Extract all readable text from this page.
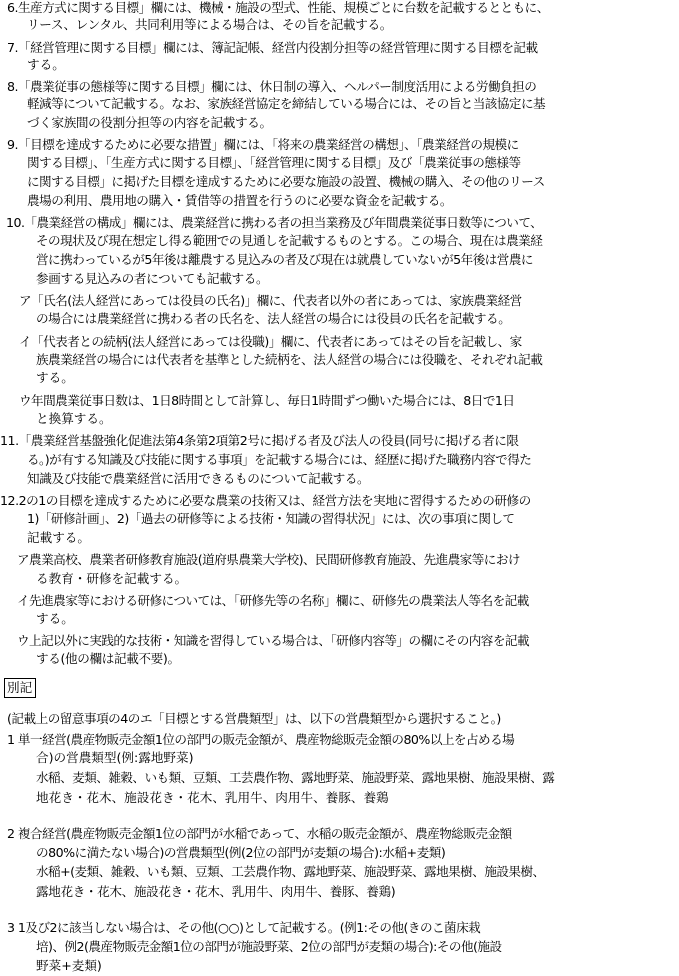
6.生産方式に関する目標」欄には、機械・施設の型式、性能、規模ごとに台数を記載するとともに、
リース、レンタル、共同利用等による場合は、その旨を記載する。
7.「経営管理に関する目標」欄には、簿記記帳、経営内役割分担等の経営管理に関する目標を記載
する。
8.「農業従事の態様等に関する目標」欄には、休日制の導入、ヘルパー制度活用による労働負担の
軽減等について記載する。なお、家族経営協定を締結している場合には、その旨と当該協定に基
づく家族間の役割分担等の内容を記載する。
9.「目標を達成するために必要な措置」欄には、「将来の農業経営の構想」、「農業経営の規模に
関する目標」、「生産方式に関する目標」、「経営管理に関する目標」及び「農業従事の態様等
に関する目標」に掲げた目標を達成するために必要な施設の設置、機械の購入、その他のリース
農場の利用、農用地の購入・賃借等の措置を行うのに必要な資金を記載する。
10.「農業経営の構成」欄には、農業経営に携わる者の担当業務及び年間農業従事日数等について、
その現状及び現在想定し得る範囲での見通しを記載するものとする。この場合、現在は農業経
営に携わっているが5年後は離農する見込みの者及び現在は就農していないが5年後は営農に
参画する見込みの者についても記載する。
ア「氏名(法人経営にあっては役員の氏名)」欄に、代表者以外の者にあっては、家族農業経営
の場合には農業経営に携わる者の氏名を、法人経営の場合には役員の氏名を記載する。
イ「代表者との続柄(法人経営にあっては役職)」欄に、代表者にあってはその旨を記載し、家
族農業経営の場合には代表者を基準とした続柄を、法人経営の場合には役職を、それぞれ記載
する。
ウ年間農業従事日数は、1日8時間として計算し、毎日1時間ずつ働いた場合には、8日で1日
と換算する。
11.「農業経営基盤強化促進法第4条第2項第2号に掲げる者及び法人の役員(同号に掲げる者に限
る。)が有する知識及び技能に関する事項」を記載する場合には、経歴に掲げた職務内容で得た
知識及び技能で農業経営に活用できるものについて記載する。
12.2の1の目標を達成するために必要な農業の技術又は、経営方法を実地に習得するための研修の
1)「研修計画」、2)「過去の研修等による技術・知識の習得状況」には、次の事項に関して
記載する。
ア農業高校、農業者研修教育施設(道府県農業大学校)、民間研修教育施設、先進農家等におけ
る教育・研修を記載する。
イ先進農家等における研修については、「研修先等の名称」欄に、研修先の農業法人等名を記載
する。
ウ上記以外に実践的な技術・知識を習得している場合は、「研修内容等」の欄にその内容を記載
する(他の欄は記載不要)。
別記
(記載上の留意事項の4のエ「目標とする営農類型」は、以下の営農類型から選択すること。)
1 単一経営(農産物販売金額1位の部門の販売金額が、農産物総販売金額の80%以上を占める場
合)の営農類型(例:露地野菜)
水稲、麦類、雑穀、いも類、豆類、工芸農作物、露地野菜、施設野菜、露地果樹、施設果樹、露
地花き・花木、施設花き・花木、乳用牛、肉用牛、養豚、養鶏
2 複合経営(農産物販売金額1位の部門が水稲であって、水稲の販売金額が、農産物総販売金額
の80%に満たない場合)の営農類型(例(2位の部門が麦類の場合):水稲+麦類)
水稲+(麦類、雑穀、いも類、豆類、工芸農作物、露地野菜、施設野菜、露地果樹、施設果樹、
露地花き・花木、施設花き・花木、乳用牛、肉用牛、養豚、養鶏)
3 1及び2に該当しない場合は、その他(○○)として記載する。(例1:その他(きのこ菌床栽
培)、例2(農産物販売金額1位の部門が施設野菜、2位の部門が麦類の場合):その他(施設
野菜+麦類)
